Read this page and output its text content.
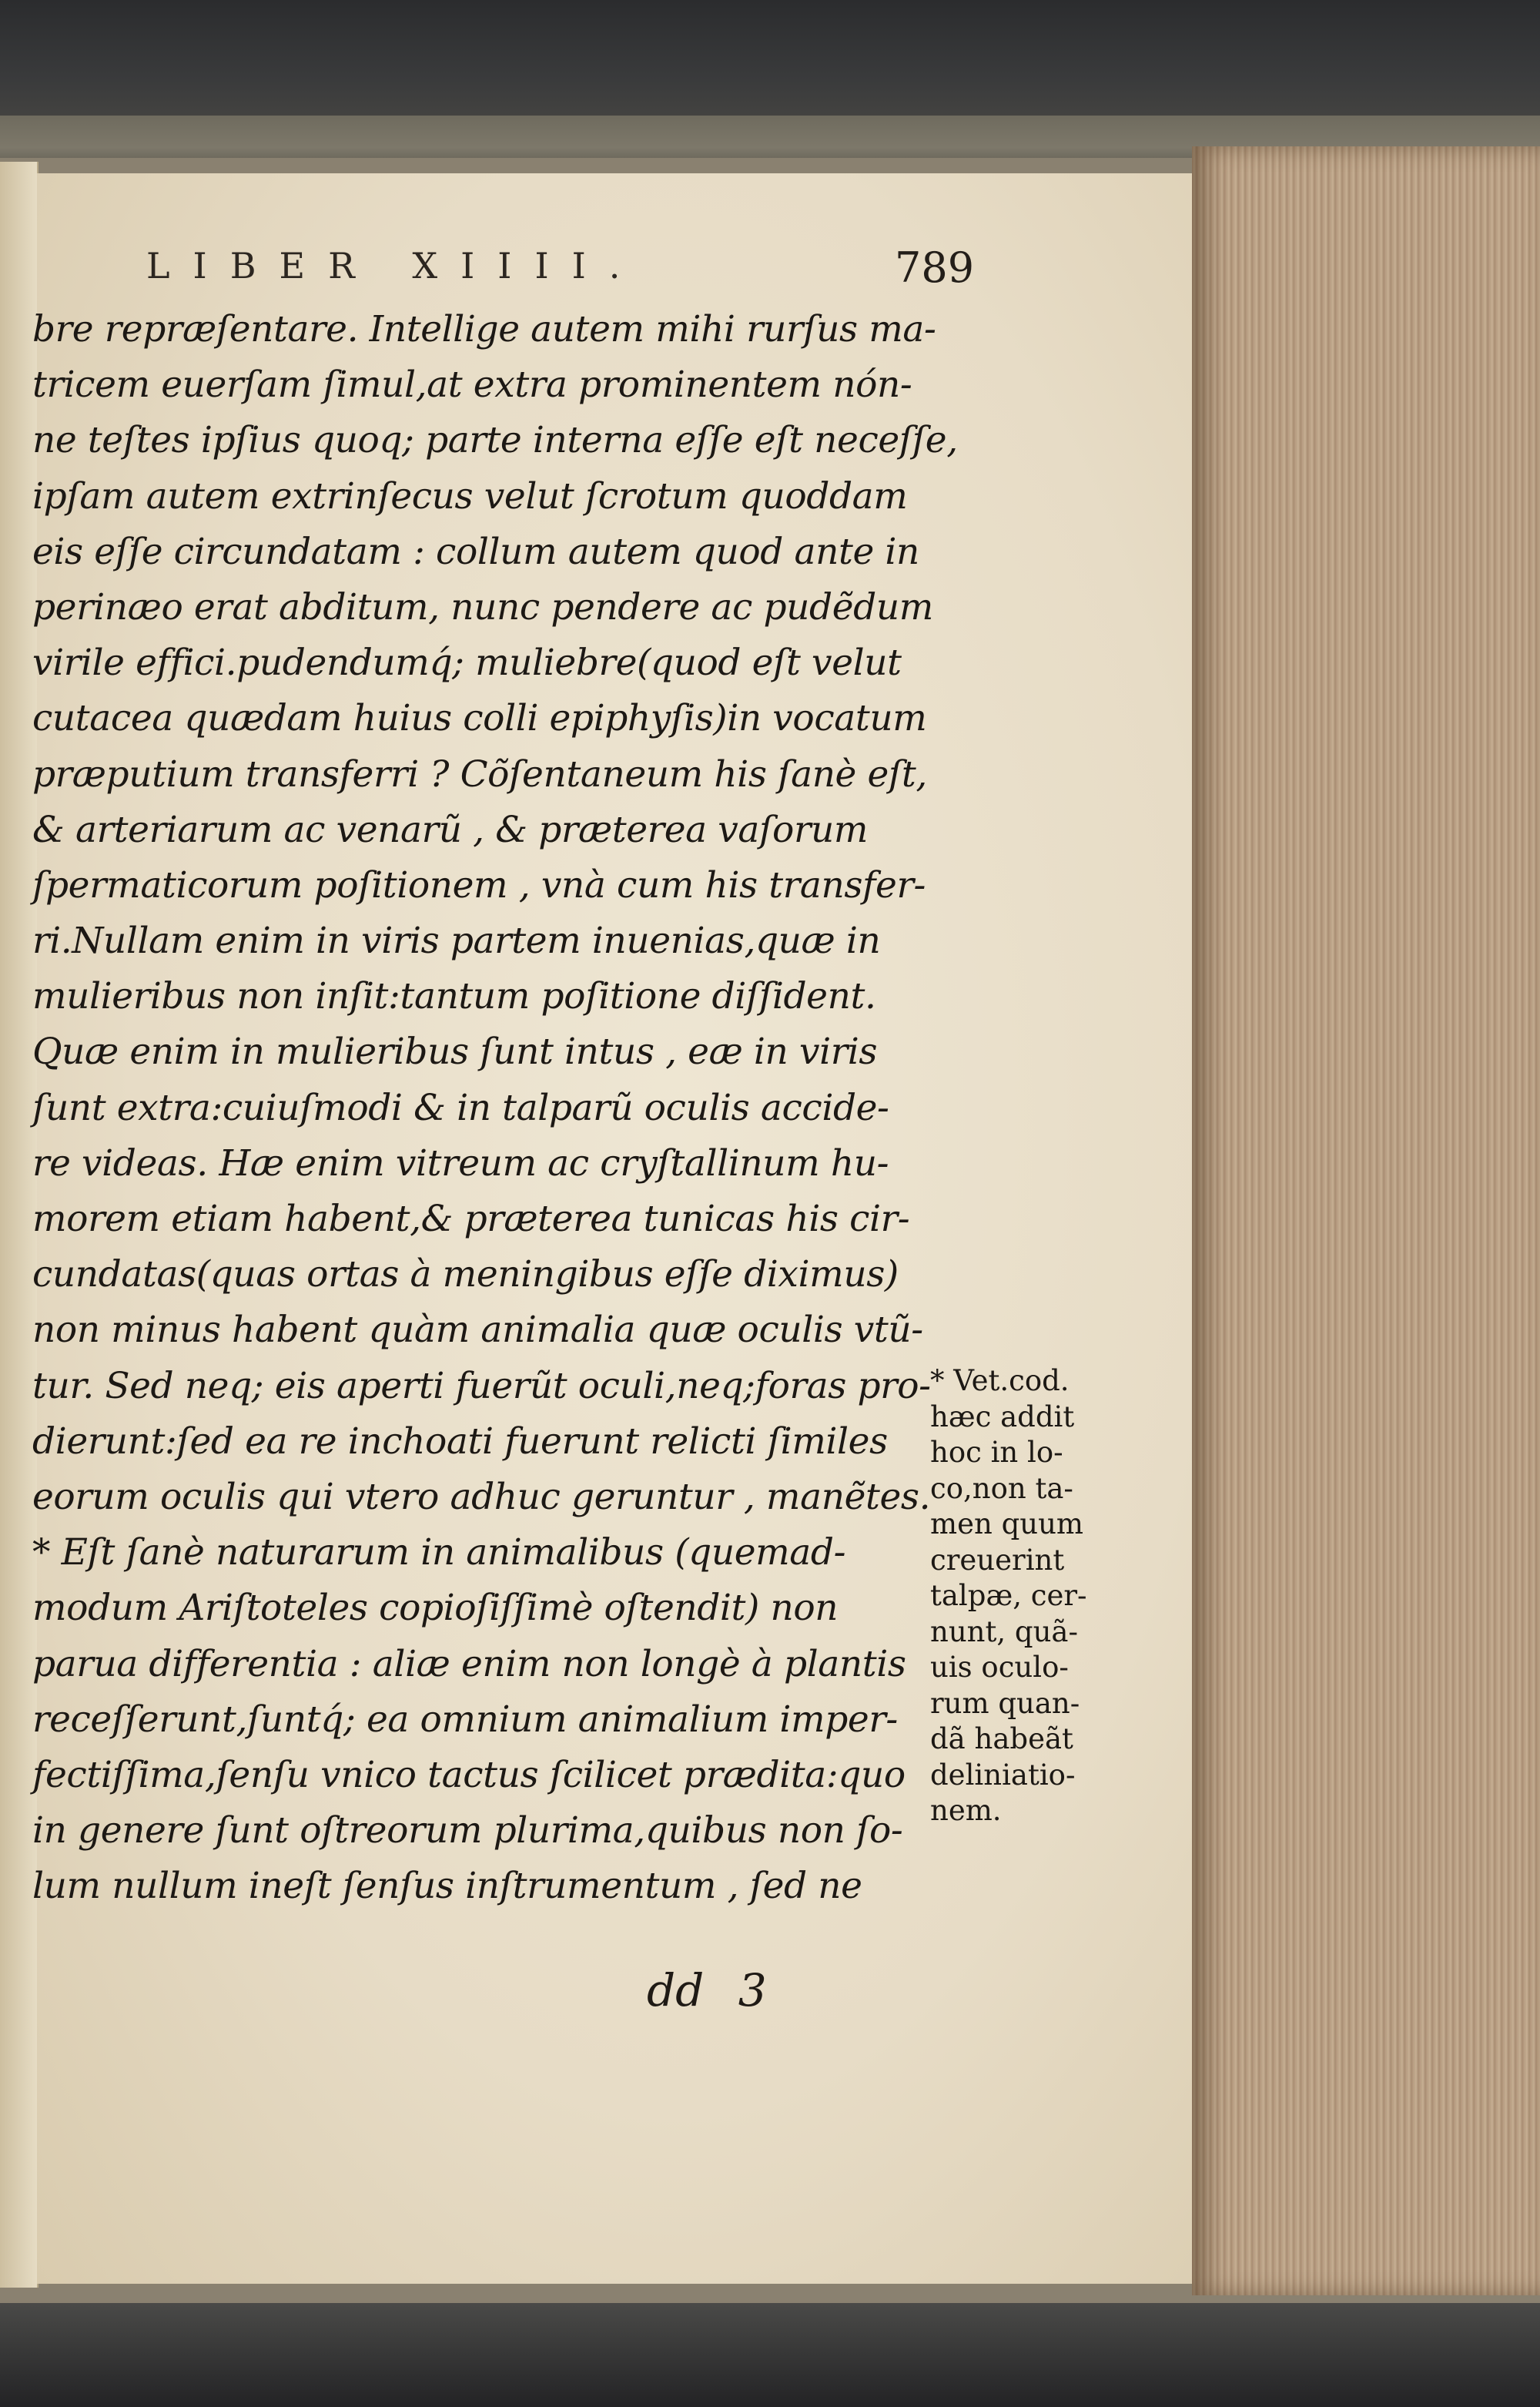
LIBER XIIII.	789
bre repræſentare. Intellige autem mihi rurſus ma-
tricem euerſam ſimul,at extra prominentem nón-
ne teſtes ipſius quoq; parte interna eſſe eſt neceſſe,
ipſam autem extrinſecus velut ſcrotum quoddam
eis eſſe circundatam : collum autem quod ante in
perinæo erat abditum, nunc pendere ac pudẽdum
virile effici.pudendumq́; muliebre(quod eſt velut
cutacea quædam huius colli epiphyſis)in vocatum
præputium transferri ? Cõſentaneum his ſanè eſt,
& arteriarum ac venarũ , & præterea vaſorum
ſpermaticorum poſitionem , vnà cum his transfer-
ri.Nullam enim in viris partem inuenias,quæ in
mulieribus non inſit:tantum poſitione diſſident.
Quæ enim in mulieribus ſunt intus , eæ in viris
ſunt extra:cuiuſmodi & in talparũ oculis accide-
re videas. Hæ enim vitreum ac cryſtallinum hu-
morem etiam habent,& præterea tunicas his cir-
cundatas(quas ortas à meningibus eſſe diximus)
non minus habent quàm animalia quæ oculis vtũ-
tur. Sed neq; eis aperti fuerũt oculi,neq;foras pro-
dierunt:ſed ea re inchoati fuerunt relicti ſimiles
eorum oculis qui vtero adhuc geruntur , manẽtes.
* Eſt ſanè naturarum in animalibus (quemad-
modum Ariſtoteles copioſiſſimè oſtendit) non
parua differentia : aliæ enim non longè à plantis
receſſerunt,ſuntq́; ea omnium animalium imper-
fectiſſima,ſenſu vnico tactus ſcilicet prædita:quo
in genere ſunt oſtreorum plurima,quibus non ſo-
lum nullum ineſt ſenſus inſtrumentum , ſed ne
* Vet.cod.
hæc addit
hoc in lo-
co,non ta-
men quum
creuerint
talpæ, cer-
nunt, quã-
uis oculo-
rum quan-
dã habeãt
deliniatio-
nem.
dd 3
